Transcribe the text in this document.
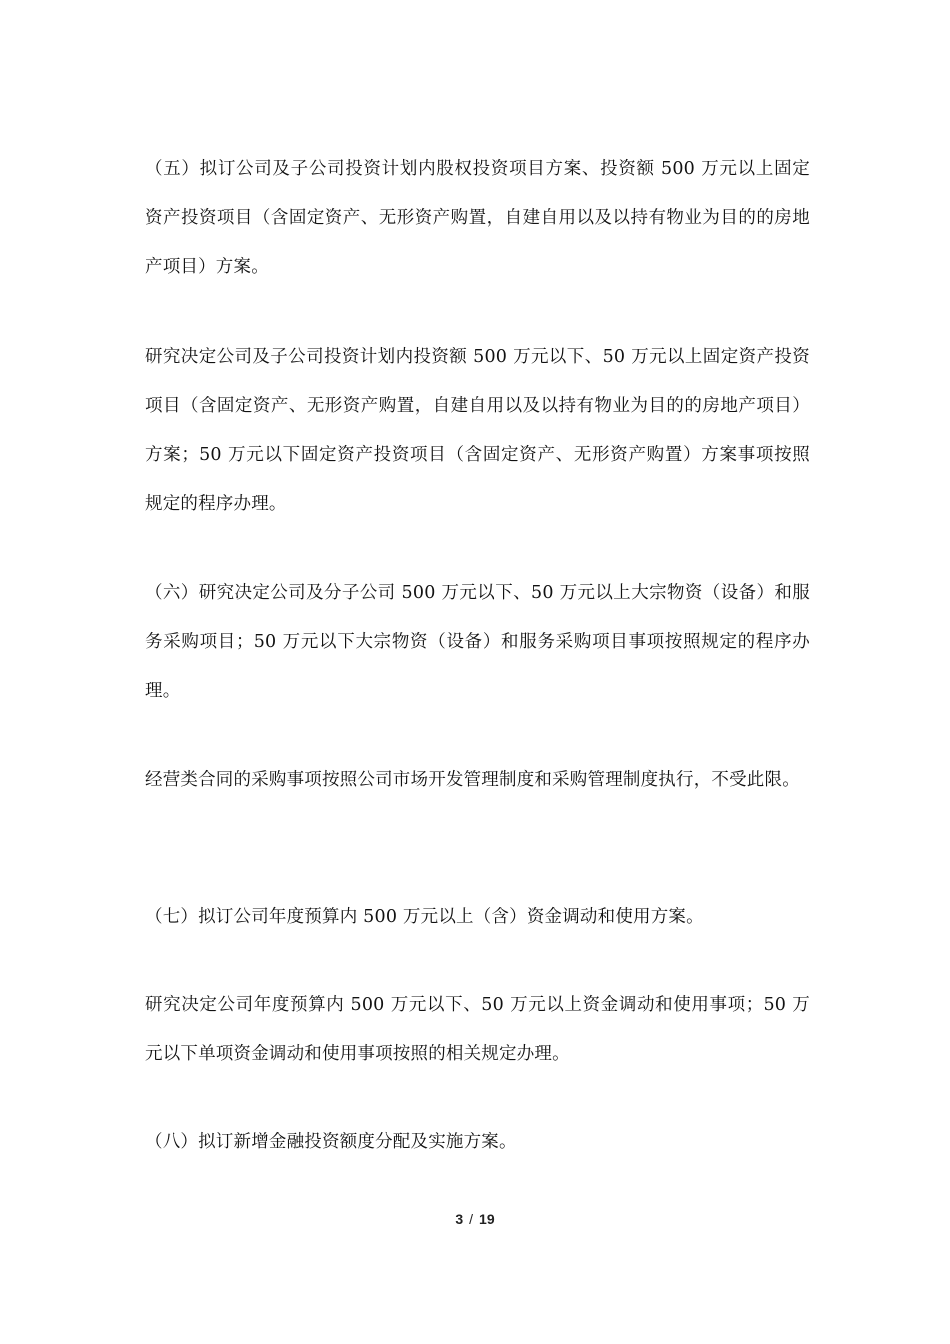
（五）拟订公司及子公司投资计划内股权投资项目方案、投资额 500 万元以上固定资产投资项目（含固定资产、无形资产购置，自建自用以及以持有物业为目的的房地产项目）方案。

研究决定公司及子公司投资计划内投资额 500 万元以下、50 万元以上固定资产投资项目（含固定资产、无形资产购置，自建自用以及以持有物业为目的的房地产项目）方案；50 万元以下固定资产投资项目（含固定资产、无形资产购置）方案事项按照规定的程序办理。

（六）研究决定公司及分子公司 500 万元以下、50 万元以上大宗物资（设备）和服务采购项目；50 万元以下大宗物资（设备）和服务采购项目事项按照规定的程序办理。

经营类合同的采购事项按照公司市场开发管理制度和采购管理制度执行，不受此限。

（七）拟订公司年度预算内 500 万元以上（含）资金调动和使用方案。

研究决定公司年度预算内 500 万元以下、50 万元以上资金调动和使用事项；50 万元以下单项资金调动和使用事项按照的相关规定办理。

（八）拟订新增金融投资额度分配及实施方案。

3 / 19
